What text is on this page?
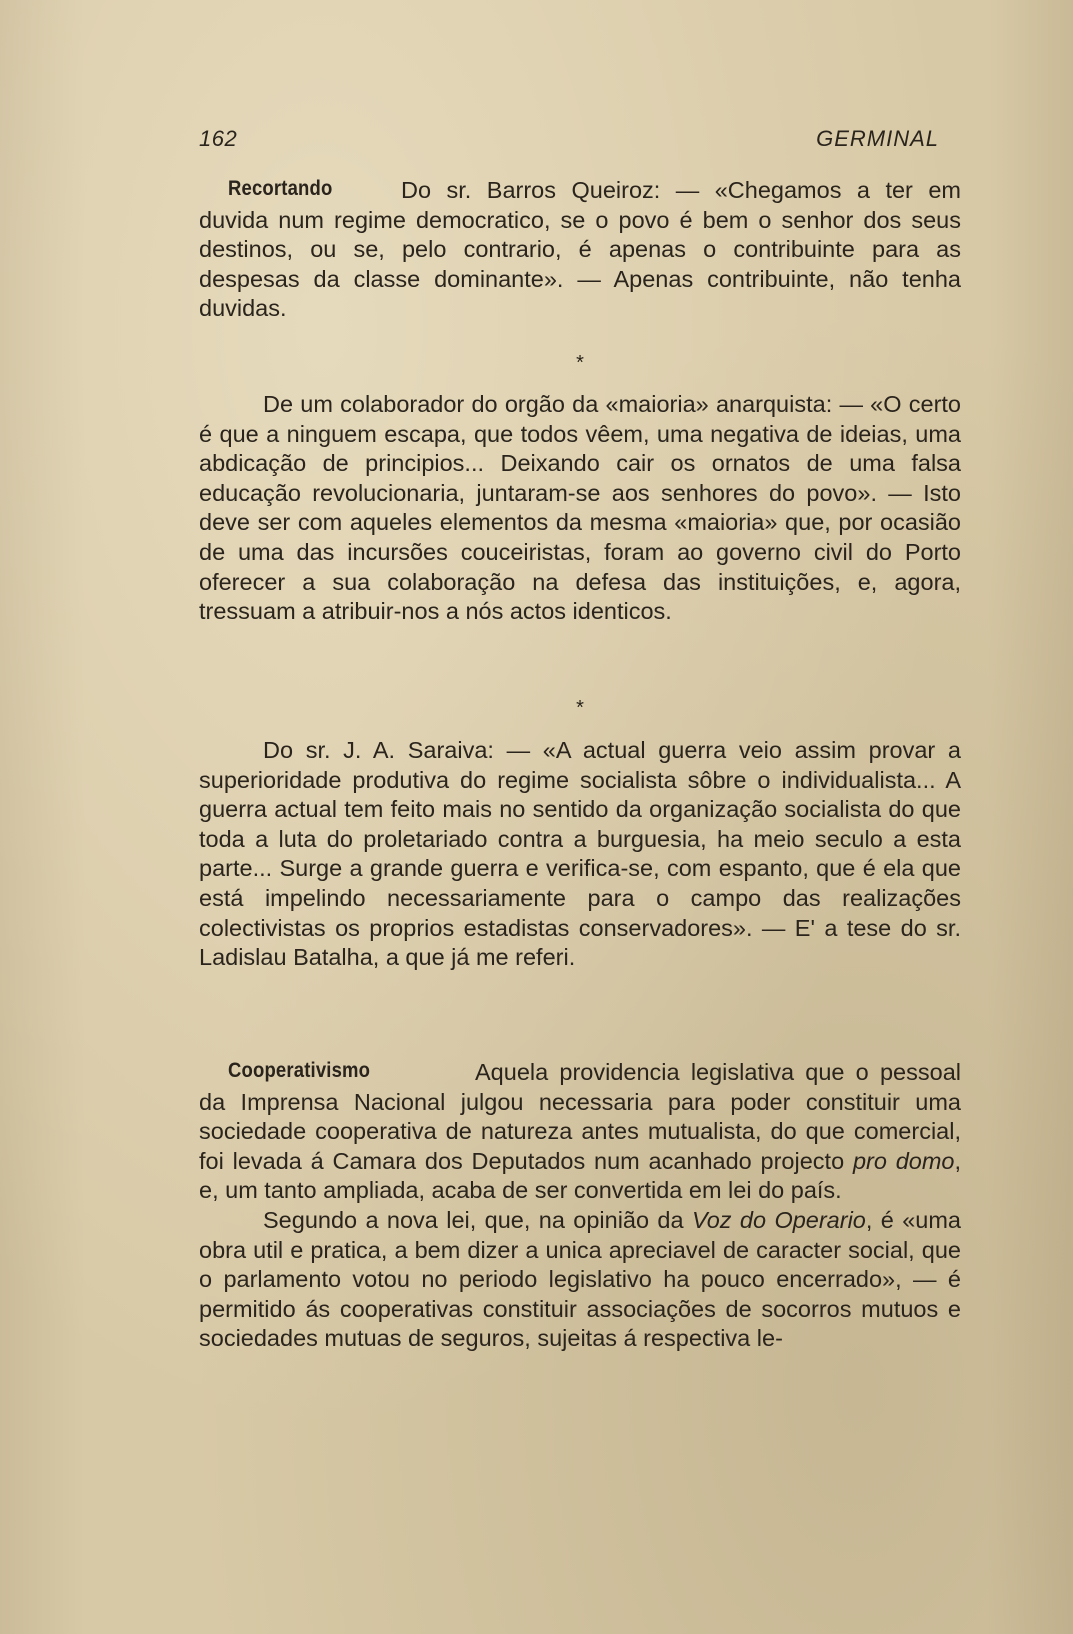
162	GERMINAL
Recortando	Do sr. Barros Queiroz: — «Chegamos a ter em duvida num regime democratico, se o povo é bem o senhor dos seus destinos, ou se, pelo contrario, é apenas o contribuinte para as despesas da classe dominante». — Apenas contribuinte, não tenha duvidas.

*

De um colaborador do orgão da «maioria» anarquista: — «O certo é que a ninguem escapa, que todos vêem, uma negativa de ideias, uma abdicação de principios... Deixando cair os ornatos de uma falsa educação revolucionaria, juntaram-se aos senhores do povo». — Isto deve ser com aqueles elementos da mesma «maioria» que, por ocasião de uma das incursões couceiristas, foram ao governo civil do Porto oferecer a sua colaboração na defesa das instituições, e, agora, tressuam a atribuir-nos a nós actos identicos.

*

Do sr. J. A. Saraiva: — «A actual guerra veio assim provar a superioridade produtiva do regime socialista sôbre o individualista... A guerra actual tem feito mais no sentido da organização socialista do que toda a luta do proletariado contra a burguesia, ha meio seculo a esta parte... Surge a grande guerra e verifica-se, com espanto, que é ela que está impelindo necessariamente para o campo das realizações colectivistas os proprios estadistas conservadores». — E' a tese do sr. Ladislau Batalha, a que já me referi.

Cooperativismo	Aquela providencia legislativa que o pessoal da Imprensa Nacional julgou necessaria para poder constituir uma sociedade cooperativa de natureza antes mutualista, do que comercial, foi levada á Camara dos Deputados num acanhado projecto pro domo, e, um tanto ampliada, acaba de ser convertida em lei do país.

Segundo a nova lei, que, na opinião da Voz do Operario, é «uma obra util e pratica, a bem dizer a unica apreciavel de caracter social, que o parlamento votou no periodo legislativo ha pouco encerrado», — é permitido ás cooperativas constituir associações de socorros mutuos e sociedades mutuas de seguros, sujeitas á respectiva le-
